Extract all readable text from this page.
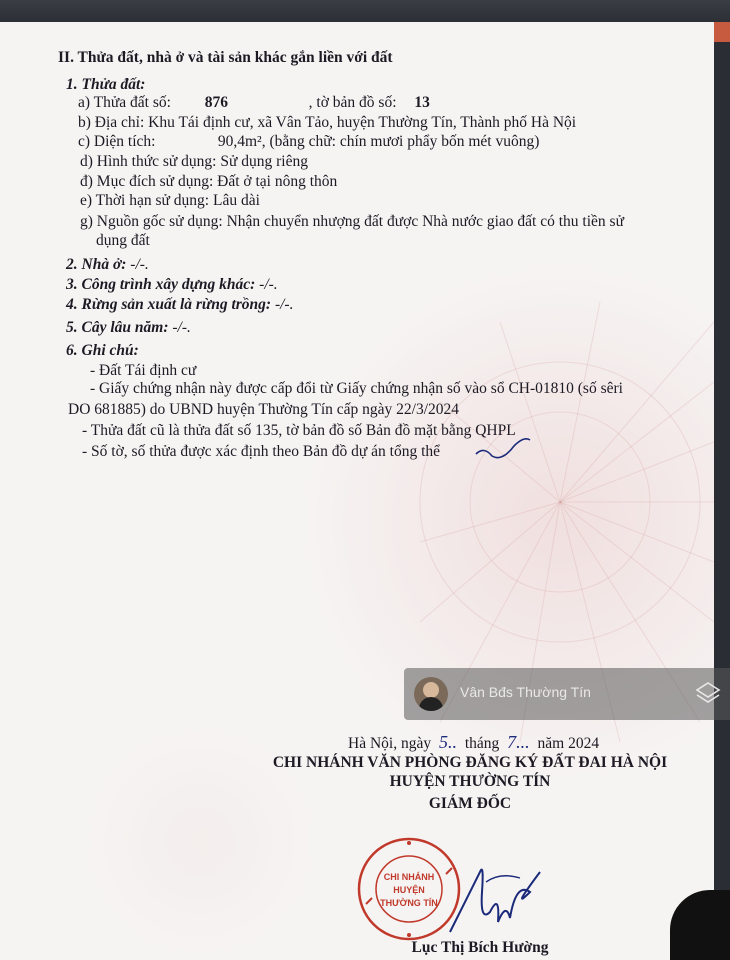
II. Thửa đất, nhà ở và tài sản khác gắn liền với đất
1. Thửa đất:
a) Thửa đất số: 876	, tờ bản đồ số: 13
b) Địa chỉ: Khu Tái định cư, xã Vân Tảo, huyện Thường Tín, Thành phố Hà Nội
c) Diện tích:	90,4m², (bằng chữ: chín mươi phẩy bốn mét vuông)
d) Hình thức sử dụng: Sử dụng riêng
đ) Mục đích sử dụng: Đất ở tại nông thôn
e) Thời hạn sử dụng: Lâu dài
g) Nguồn gốc sử dụng: Nhận chuyển nhượng đất được Nhà nước giao đất có thu tiền sử
dụng đất
2. Nhà ở: -/-.
3. Công trình xây dựng khác: -/-.
4. Rừng sản xuất là rừng trồng: -/-.
5. Cây lâu năm: -/-.
6. Ghi chú:
- Đất Tái định cư
- Giấy chứng nhận này được cấp đổi từ Giấy chứng nhận số vào sổ CH-01810 (số sêri
DO 681885) do UBND huyện Thường Tín cấp ngày 22/3/2024
- Thửa đất cũ là thửa đất số 135, tờ bản đồ số Bản đồ mặt bằng QHPL
- Số tờ, số thửa được xác định theo Bản đồ dự án tổng thể
Hà Nội, ngày 5.. tháng 7... năm 2024
CHI NHÁNH VĂN PHÒNG ĐĂNG KÝ ĐẤT ĐAI HÀ NỘI
HUYỆN THƯỜNG TÍN
GIÁM ĐỐC
CHI NHÁNH
HUYỆN
THƯỜNG TÍN
Lục Thị Bích Hường
Vân Bđs Thường Tín
